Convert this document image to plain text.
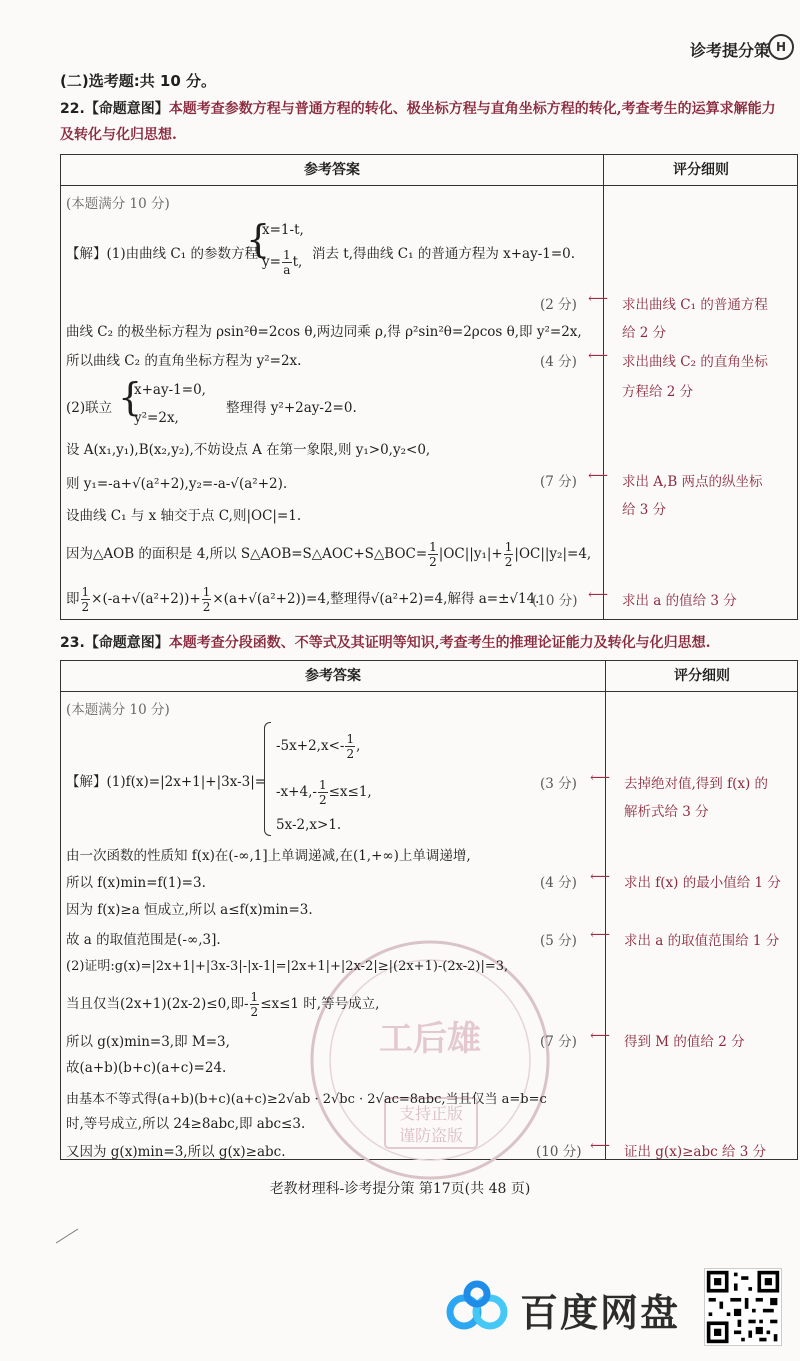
诊考提分策 H
(二)选考题:共 10 分。
22.【命题意图】本题考查参数方程与普通方程的转化、极坐标方程与直角坐标方程的转化,考查考生的运算求解能力及转化与化归思想.
参考答案	评分细则
(本题满分 10 分)
【解】(1)由曲线 C₁ 的参数方程
{
x=1-t,
$y= \frac{1}{a} t$, 消去 t,得曲线 C₁ 的普通方程为 x+ay-1=0.
(2 分) ⟵ 求出曲线 C₁ 的普通方程
给 2 分
曲线 C₂ 的极坐标方程为 ρsin²θ=2cos θ,两边同乘 ρ,得 ρ²sin²θ=2ρcos θ,即 y²=2x,
所以曲线 C₂ 的直角坐标方程为 y²=2x.	(4 分) ⟵ 求出曲线 C₂ 的直角坐标
方程给 2 分
(2)联立 {
x+ay-1=0,
y²=2x,
整理得 y²+2ay-2=0.
设 A(x₁,y₁),B(x₂,y₂),不妨设点 A 在第一象限,则 y₁>0,y₂<0,
则 y₁=-a+√(a²+2),y₂=-a-√(a²+2).	(7 分) ⟵ 求出 A,B 两点的纵坐标
给 3 分
设曲线 C₁ 与 x 轴交于点 C,则|OC|=1.
因为△AOB 的面积是 4,所以 S△AOB=S△AOC+S△BOC= $\frac{1}{2} |OC||y_1|+ \frac{1}{2} |OC||y_2|=4$,
即 $\frac{1}{2} \times(-a+√(a^2+2))+ \frac{1}{2} \times(a+√(a^2+2))=4$,整理得√(a²+2)=4,解得 a=±√14.
(10 分) ⟵ 求出 a 的值给 3 分
23.【命题意图】本题考查分段函数、不等式及其证明等知识,考查考生的推理论证能力及转化与化归思想.
参考答案	评分细则
工后雄
支持正版
谨防盗版
(本题满分 10 分)
【解】(1)f(x)=|2x+1|+|3x-3|=
$-5x+2,x<- \frac{1}{2}$ ,
$-x+4,- \frac{1}{2} \le x\le 1$,
5x-2,x>1.
(3 分) ⟵ 去掉绝对值,得到 f(x) 的
解析式给 3 分
由一次函数的性质知 f(x)在(-∞,1]上单调递减,在(1,+∞)上单调递增,
所以 f(x)min=f(1)=3.	(4 分) ⟵ 求出 f(x) 的最小值给 1 分
因为 f(x)≥a 恒成立,所以 a≤f(x)min=3.
故 a 的取值范围是(-∞,3].	(5 分) ⟵ 求出 a 的取值范围给 1 分
(2)证明:g(x)=|2x+1|+|3x-3|-|x-1|=|2x+1|+|2x-2|≥|(2x+1)-(2x-2)|=3,
当且仅当(2x+1)(2x-2)≤0,即- $\frac{1}{2} \le x\le 1$ 时,等号成立,
所以 g(x)min=3,即 M=3,	(7 分) ⟵ 得到 M 的值给 2 分
故(a+b)(b+c)(a+c)=24.
由基本不等式得(a+b)(b+c)(a+c)≥2√ab · 2√bc · 2√ac=8abc,当且仅当 a=b=c
时,等号成立,所以 24≥8abc,即 abc≤3.
又因为 g(x)min=3,所以 g(x)≥abc.	(10 分) ⟵ 证出 g(x)≥abc 给 3 分
老教材理科-诊考提分策 第17页(共 48 页)
百度网盘
